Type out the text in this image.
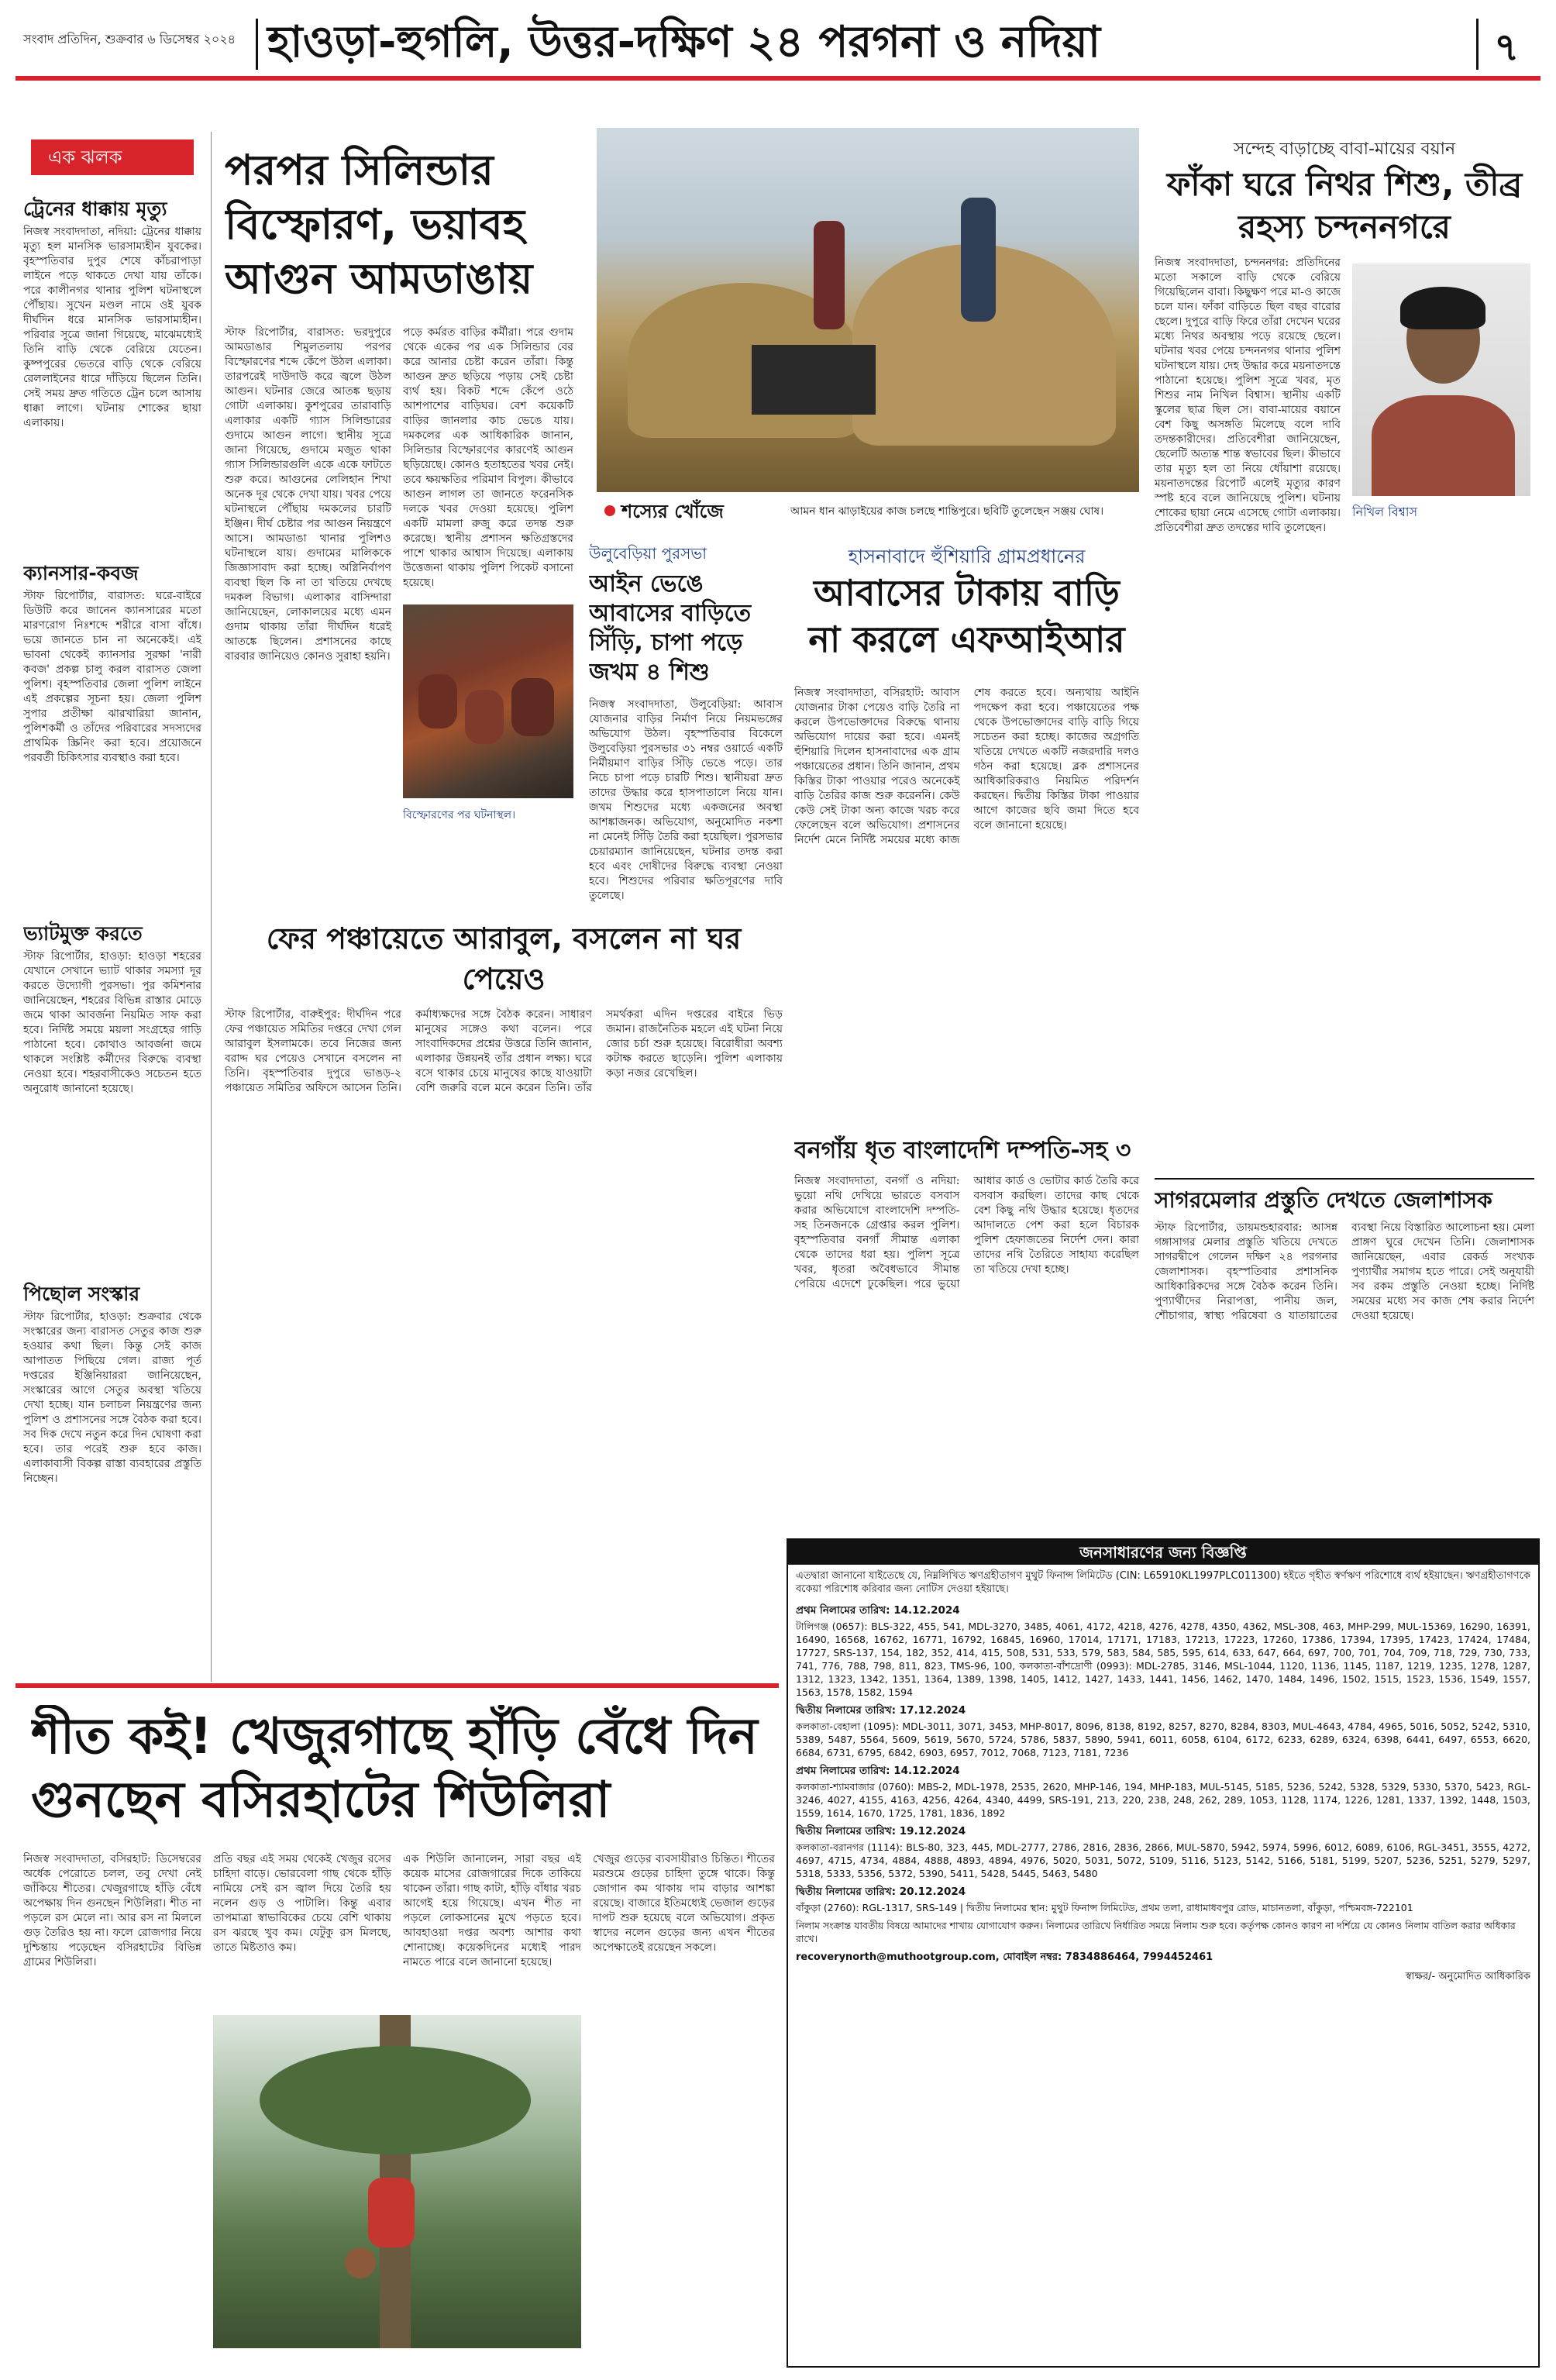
সংবাদ প্রতিদিন, শুক্রবার ৬ ডিসেম্বর ২০২৪ হাওড়া-হুগলি, উত্তর-দক্ষিণ ২৪ পরগনা ও নদিয়া	৭
এক ঝলক
ট্রেনের ধাক্কায় মৃত্যু
নিজস্ব সংবাদদাতা, নদিয়া: ট্রেনের ধাক্কায় মৃত্যু হল মানসিক ভারসাম্যহীন যুবকের। বৃহস্পতিবার দুপুর শেষে কাঁচরাপাড়া লাইনে পড়ে থাকতে দেখা যায় তাঁকে। পরে কালীনগর থানার পুলিশ ঘটনাস্থলে পৌঁছায়। সুখেন মণ্ডল নামে ওই যুবক দীর্ঘদিন ধরে মানসিক ভারসাম্যহীন। পরিবার সূত্রে জানা গিয়েছে, মাঝেমধ্যেই তিনি বাড়ি থেকে বেরিয়ে যেতেন। কুষ্পপুরের ভেতরে বাড়ি থেকে বেরিয়ে রেললাইনের ধারে দাঁড়িয়ে ছিলেন তিনি। সেই সময় দ্রুত গতিতে ট্রেন চলে আসায় ধাক্কা লাগে। ঘটনায় শোকের ছায়া এলাকায়।
ক্যানসার-কবজ
স্টাফ রিপোর্টার, বারাসত: ঘরে-বাইরে ডিউটি করে জানেন ক্যানসারের মতো মারণরোগ নিঃশব্দে শরীরে বাসা বাঁধে। ভয়ে জানতে চান না অনেকেই। এই ভাবনা থেকেই ক্যানসার সুরক্ষা 'নারী কবজ' প্রকল্প চালু করল বারাসত জেলা পুলিশ। বৃহস্পতিবার জেলা পুলিশ লাইনে এই প্রকল্পের সূচনা হয়। জেলা পুলিশ সুপার প্রতীক্ষা ঝারখারিয়া জানান, পুলিশকর্মী ও তাঁদের পরিবারের সদস্যদের প্রাথমিক স্ক্রিনিং করা হবে। প্রয়োজনে পরবর্তী চিকিৎসার ব্যবস্থাও করা হবে।
ভ্যাটমুক্ত করতে
স্টাফ রিপোর্টার, হাওড়া: হাওড়া শহরের যেখানে সেখানে ভ্যাট থাকার সমস্যা দূর করতে উদ্যোগী পুরসভা। পুর কমিশনার জানিয়েছেন, শহরের বিভিন্ন রাস্তার মোড়ে জমে থাকা আবর্জনা নিয়মিত সাফ করা হবে। নির্দিষ্ট সময়ে ময়লা সংগ্রহের গাড়ি পাঠানো হবে। কোথাও আবর্জনা জমে থাকলে সংশ্লিষ্ট কর্মীদের বিরুদ্ধে ব্যবস্থা নেওয়া হবে। শহরবাসীকেও সচেতন হতে অনুরোধ জানানো হয়েছে।
পিছোল সংস্কার
স্টাফ রিপোর্টার, হাওড়া: শুক্রবার থেকে সংস্কারের জন্য বারাসত সেতুর কাজ শুরু হওয়ার কথা ছিল। কিন্তু সেই কাজ আপাতত পিছিয়ে গেল। রাজ্য পূর্ত দপ্তরের ইঞ্জিনিয়াররা জানিয়েছেন, সংস্কারের আগে সেতুর অবস্থা খতিয়ে দেখা হচ্ছে। যান চলাচল নিয়ন্ত্রণের জন্য পুলিশ ও প্রশাসনের সঙ্গে বৈঠক করা হবে। সব দিক দেখে নতুন করে দিন ঘোষণা করা হবে। তার পরেই শুরু হবে কাজ। এলাকাবাসী বিকল্প রাস্তা ব্যবহারের প্রস্তুতি নিচ্ছেন।
পরপর সিলিন্ডার বিস্ফোরণ, ভয়াবহ আগুন আমডাঙায়
স্টাফ রিপোর্টার, বারাসত: ভরদুপুরে আমডাঙার শিমুলতলায় পরপর বিস্ফোরণের শব্দে কেঁপে উঠল এলাকা। তারপরেই দাউদাউ করে জ্বলে উঠল আগুন। ঘটনার জেরে আতঙ্ক ছড়ায় গোটা এলাকায়। কুশপুরের তারাবাড়ি এলাকার একটি গ্যাস সিলিন্ডারের গুদামে আগুন লাগে। স্থানীয় সূত্রে জানা গিয়েছে, গুদামে মজুত থাকা গ্যাস সিলিন্ডারগুলি একে একে ফাটতে শুরু করে। আগুনের লেলিহান শিখা অনেক দূর থেকে দেখা যায়। খবর পেয়ে ঘটনাস্থলে পৌঁছায় দমকলের চারটি ইঞ্জিন। দীর্ঘ চেষ্টার পর আগুন নিয়ন্ত্রণে আসে। আমডাঙা থানার পুলিশও ঘটনাস্থলে যায়। গুদামের মালিককে জিজ্ঞাসাবাদ করা হচ্ছে। অগ্নিনির্বাপণ ব্যবস্থা ছিল কি না তা খতিয়ে দেখছে দমকল বিভাগ। এলাকার বাসিন্দারা জানিয়েছেন, লোকালয়ের মধ্যে এমন গুদাম থাকায় তাঁরা দীর্ঘদিন ধরেই আতঙ্কে ছিলেন। প্রশাসনের কাছে বারবার জানিয়েও কোনও সুরাহা হয়নি।
পড়ে কর্মরত বাড়ির কর্মীরা। পরে গুদাম থেকে একের পর এক সিলিন্ডার বের করে আনার চেষ্টা করেন তাঁরা। কিন্তু আগুন দ্রুত ছড়িয়ে পড়ায় সেই চেষ্টা ব্যর্থ হয়। বিকট শব্দে কেঁপে ওঠে আশপাশের বাড়িঘর। বেশ কয়েকটি বাড়ির জানলার কাচ ভেঙে যায়। দমকলের এক আধিকারিক জানান, সিলিন্ডার বিস্ফোরণের কারণেই আগুন ছড়িয়েছে। কোনও হতাহতের খবর নেই। তবে ক্ষয়ক্ষতির পরিমাণ বিপুল। কীভাবে আগুন লাগল তা জানতে ফরেনসিক দলকে খবর দেওয়া হয়েছে। পুলিশ একটি মামলা রুজু করে তদন্ত শুরু করেছে। স্থানীয় প্রশাসন ক্ষতিগ্রস্তদের পাশে থাকার আশ্বাস দিয়েছে। এলাকায় উত্তেজনা থাকায় পুলিশ পিকেট বসানো হয়েছে।
বিস্ফোরণের পর ঘটনাস্থল।
শস্যের খোঁজে	আমন ধান ঝাড়াইয়ের কাজ চলছে শান্তিপুরে। ছবিটি তুলেছেন সঞ্জয় ঘোষ।
উলুবেড়িয়া পুরসভা
আইন ভেঙে আবাসের বাড়িতে সিঁড়ি, চাপা পড়ে জখম ৪ শিশু
নিজস্ব সংবাদদাতা, উলুবেড়িয়া: আবাস যোজনার বাড়ির নির্মাণ নিয়ে নিয়মভঙ্গের অভিযোগ উঠল। বৃহস্পতিবার বিকেলে উলুবেড়িয়া পুরসভার ৩১ নম্বর ওয়ার্ডে একটি নির্মীয়মাণ বাড়ির সিঁড়ি ভেঙে পড়ে। তার নিচে চাপা পড়ে চারটি শিশু। স্থানীয়রা দ্রুত তাদের উদ্ধার করে হাসপাতালে নিয়ে যান। জখম শিশুদের মধ্যে একজনের অবস্থা আশঙ্কাজনক। অভিযোগ, অনুমোদিত নকশা না মেনেই সিঁড়ি তৈরি করা হয়েছিল। পুরসভার চেয়ারম্যান জানিয়েছেন, ঘটনার তদন্ত করা হবে এবং দোষীদের বিরুদ্ধে ব্যবস্থা নেওয়া হবে। শিশুদের পরিবার ক্ষতিপূরণের দাবি তুলেছে।
সন্দেহ বাড়াচ্ছে বাবা-মায়ের বয়ান
ফাঁকা ঘরে নিথর শিশু, তীব্র রহস্য চন্দননগরে
নিজস্ব সংবাদদাতা, চন্দননগর: প্রতিদিনের মতো সকালে বাড়ি থেকে বেরিয়ে গিয়েছিলেন বাবা। কিছুক্ষণ পরে মা-ও কাজে চলে যান। ফাঁকা বাড়িতে ছিল বছর বারোর ছেলে। দুপুরে বাড়ি ফিরে তাঁরা দেখেন ঘরের মধ্যে নিথর অবস্থায় পড়ে রয়েছে ছেলে। ঘটনার খবর পেয়ে চন্দননগর থানার পুলিশ ঘটনাস্থলে যায়। দেহ উদ্ধার করে ময়নাতদন্তে পাঠানো হয়েছে। পুলিশ সূত্রে খবর, মৃত শিশুর নাম নিখিল বিশ্বাস। স্থানীয় একটি স্কুলের ছাত্র ছিল সে। বাবা-মায়ের বয়ানে বেশ কিছু অসঙ্গতি মিলেছে বলে দাবি তদন্তকারীদের। প্রতিবেশীরা জানিয়েছেন, ছেলেটি অত্যন্ত শান্ত স্বভাবের ছিল। কীভাবে তার মৃত্যু হল তা নিয়ে ধোঁয়াশা রয়েছে। ময়নাতদন্তের রিপোর্ট এলেই মৃত্যুর কারণ স্পষ্ট হবে বলে জানিয়েছে পুলিশ। ঘটনায় শোকের ছায়া নেমে এসেছে গোটা এলাকায়। প্রতিবেশীরা দ্রুত তদন্তের দাবি তুলেছেন।
নিখিল বিশ্বাস
হাসনাবাদে হুঁশিয়ারি গ্রামপ্রধানের
আবাসের টাকায় বাড়ি না করলে এফআইআর
নিজস্ব সংবাদদাতা, বসিরহাট: আবাস যোজনার টাকা পেয়েও বাড়ি তৈরি না করলে উপভোক্তাদের বিরুদ্ধে থানায় অভিযোগ দায়ের করা হবে। এমনই হুঁশিয়ারি দিলেন হাসনাবাদের এক গ্রাম পঞ্চায়েতের প্রধান। তিনি জানান, প্রথম কিস্তির টাকা পাওয়ার পরেও অনেকেই বাড়ি তৈরির কাজ শুরু করেননি। কেউ কেউ সেই টাকা অন্য কাজে খরচ করে ফেলেছেন বলে অভিযোগ। প্রশাসনের নির্দেশ মেনে নির্দিষ্ট সময়ের মধ্যে কাজ শেষ করতে হবে। অন্যথায় আইনি পদক্ষেপ করা হবে। পঞ্চায়েতের পক্ষ থেকে উপভোক্তাদের বাড়ি বাড়ি গিয়ে সচেতন করা হচ্ছে। কাজের অগ্রগতি খতিয়ে দেখতে একটি নজরদারি দলও গঠন করা হয়েছে। ব্লক প্রশাসনের আধিকারিকরাও নিয়মিত পরিদর্শন করছেন। দ্বিতীয় কিস্তির টাকা পাওয়ার আগে কাজের ছবি জমা দিতে হবে বলে জানানো হয়েছে।
ফের পঞ্চায়েতে আরাবুল, বসলেন না ঘর পেয়েও
স্টাফ রিপোর্টার, বারুইপুর: দীর্ঘদিন পরে ফের পঞ্চায়েত সমিতির দপ্তরে দেখা গেল আরাবুল ইসলামকে। তবে নিজের জন্য বরাদ্দ ঘর পেয়েও সেখানে বসলেন না তিনি। বৃহস্পতিবার দুপুরে ভাঙড়-২ পঞ্চায়েত সমিতির অফিসে আসেন তিনি। কর্মাধ্যক্ষদের সঙ্গে বৈঠক করেন। সাধারণ মানুষের সঙ্গেও কথা বলেন। পরে সাংবাদিকদের প্রশ্নের উত্তরে তিনি জানান, এলাকার উন্নয়নই তাঁর প্রধান লক্ষ্য। ঘরে বসে থাকার চেয়ে মানুষের কাছে যাওয়াটা বেশি জরুরি বলে মনে করেন তিনি। তাঁর সমর্থকরা এদিন দপ্তরের বাইরে ভিড় জমান। রাজনৈতিক মহলে এই ঘটনা নিয়ে জোর চর্চা শুরু হয়েছে। বিরোধীরা অবশ্য কটাক্ষ করতে ছাড়েনি। পুলিশ এলাকায় কড়া নজর রেখেছিল।
বনগাঁয় ধৃত বাংলাদেশি দম্পতি-সহ ৩
নিজস্ব সংবাদদাতা, বনগাঁ ও নদিয়া: ভুয়ো নথি দেখিয়ে ভারতে বসবাস করার অভিযোগে বাংলাদেশি দম্পতি-সহ তিনজনকে গ্রেপ্তার করল পুলিশ। বৃহস্পতিবার বনগাঁ সীমান্ত এলাকা থেকে তাদের ধরা হয়। পুলিশ সূত্রে খবর, ধৃতরা অবৈধভাবে সীমান্ত পেরিয়ে এদেশে ঢুকেছিল। পরে ভুয়ো আধার কার্ড ও ভোটার কার্ড তৈরি করে বসবাস করছিল। তাদের কাছ থেকে বেশ কিছু নথি উদ্ধার হয়েছে। ধৃতদের আদালতে পেশ করা হলে বিচারক পুলিশ হেফাজতের নির্দেশ দেন। কারা তাদের নথি তৈরিতে সাহায্য করেছিল তা খতিয়ে দেখা হচ্ছে।
সাগরমেলার প্রস্তুতি দেখতে জেলাশাসক
স্টাফ রিপোর্টার, ডায়মন্ডহারবার: আসন্ন গঙ্গাসাগর মেলার প্রস্তুতি খতিয়ে দেখতে সাগরদ্বীপে গেলেন দক্ষিণ ২৪ পরগনার জেলাশাসক। বৃহস্পতিবার প্রশাসনিক আধিকারিকদের সঙ্গে বৈঠক করেন তিনি। পুণ্যার্থীদের নিরাপত্তা, পানীয় জল, শৌচাগার, স্বাস্থ্য পরিষেবা ও যাতায়াতের ব্যবস্থা নিয়ে বিস্তারিত আলোচনা হয়। মেলা প্রাঙ্গণ ঘুরে দেখেন তিনি। জেলাশাসক জানিয়েছেন, এবার রেকর্ড সংখ্যক পুণ্যার্থীর সমাগম হতে পারে। সেই অনুযায়ী সব রকম প্রস্তুতি নেওয়া হচ্ছে। নির্দিষ্ট সময়ের মধ্যে সব কাজ শেষ করার নির্দেশ দেওয়া হয়েছে।
শীত কই! খেজুরগাছে হাঁড়ি বেঁধে দিন গুনছেন বসিরহাটের শিউলিরা
নিজস্ব সংবাদদাতা, বসিরহাট: ডিসেম্বরের অর্ধেক পেরোতে চলল, তবু দেখা নেই জাঁকিয়ে শীতের। খেজুরগাছে হাঁড়ি বেঁধে অপেক্ষায় দিন গুনছেন শিউলিরা। শীত না পড়লে রস মেলে না। আর রস না মিললে গুড় তৈরিও হয় না। ফলে রোজগার নিয়ে দুশ্চিন্তায় পড়েছেন বসিরহাটের বিভিন্ন গ্রামের শিউলিরা।
প্রতি বছর এই সময় থেকেই খেজুর রসের চাহিদা বাড়ে। ভোরবেলা গাছ থেকে হাঁড়ি নামিয়ে সেই রস জ্বাল দিয়ে তৈরি হয় নলেন গুড় ও পাটালি। কিন্তু এবার তাপমাত্রা স্বাভাবিকের চেয়ে বেশি থাকায় রস ঝরছে খুব কম। যেটুকু রস মিলছে, তাতে মিষ্টতাও কম।
এক শিউলি জানালেন, সারা বছর এই কয়েক মাসের রোজগারের দিকে তাকিয়ে থাকেন তাঁরা। গাছ কাটা, হাঁড়ি বাঁধার খরচ আগেই হয়ে গিয়েছে। এখন শীত না পড়লে লোকসানের মুখে পড়তে হবে। আবহাওয়া দপ্তর অবশ্য আশার কথা শোনাচ্ছে। কয়েকদিনের মধ্যেই পারদ নামতে পারে বলে জানানো হয়েছে।
খেজুর গুড়ের ব্যবসায়ীরাও চিন্তিত। শীতের মরশুমে গুড়ের চাহিদা তুঙ্গে থাকে। কিন্তু জোগান কম থাকায় দাম বাড়ার আশঙ্কা রয়েছে। বাজারে ইতিমধ্যেই ভেজাল গুড়ের দাপট শুরু হয়েছে বলে অভিযোগ। প্রকৃত স্বাদের নলেন গুড়ের জন্য এখন শীতের অপেক্ষাতেই রয়েছেন সকলে।
জনসাধারণের জন্য বিজ্ঞপ্তি
এতদ্বারা জানানো যাইতেছে যে, নিম্নলিখিত ঋণগ্রহীতাগণ মুথুট ফিনান্স লিমিটেড (CIN: L65910KL1997PLC011300) হইতে গৃহীত স্বর্ণঋণ পরিশোধে ব্যর্থ হইয়াছেন। ঋণগ্রহীতাগণকে বকেয়া পরিশোধ করিবার জন্য নোটিস দেওয়া হইয়াছে।
প্রথম নিলামের তারিখ: 14.12.2024
টালিগঞ্জ (0657): BLS-322, 455, 541, MDL-3270, 3485, 4061, 4172, 4218, 4276, 4278, 4350, 4362, MSL-308, 463, MHP-299, MUL-15369, 16290, 16391, 16490, 16568, 16762, 16771, 16792, 16845, 16960, 17014, 17171, 17183, 17213, 17223, 17260, 17386, 17394, 17395, 17423, 17424, 17484, 17727, SRS-137, 154, 182, 352, 414, 415, 508, 531, 533, 579, 583, 584, 585, 595, 614, 633, 647, 664, 697, 700, 701, 704, 709, 718, 729, 730, 733, 741, 776, 788, 798, 811, 823, TMS-96, 100, কলকাতা-বাঁশদ্রোণী (0993): MDL-2785, 3146, MSL-1044, 1120, 1136, 1145, 1187, 1219, 1235, 1278, 1287, 1312, 1323, 1342, 1351, 1364, 1389, 1398, 1405, 1412, 1427, 1433, 1441, 1456, 1462, 1470, 1484, 1496, 1502, 1515, 1523, 1536, 1549, 1557, 1563, 1578, 1582, 1594
দ্বিতীয় নিলামের তারিখ: 17.12.2024
কলকাতা-বেহালা (1095): MDL-3011, 3071, 3453, MHP-8017, 8096, 8138, 8192, 8257, 8270, 8284, 8303, MUL-4643, 4784, 4965, 5016, 5052, 5242, 5310, 5389, 5487, 5564, 5609, 5619, 5670, 5724, 5786, 5837, 5890, 5941, 6011, 6058, 6104, 6172, 6233, 6289, 6324, 6398, 6441, 6497, 6553, 6620, 6684, 6731, 6795, 6842, 6903, 6957, 7012, 7068, 7123, 7181, 7236
প্রথম নিলামের তারিখ: 14.12.2024
কলকাতা-শ্যামবাজার (0760): MBS-2, MDL-1978, 2535, 2620, MHP-146, 194, MHP-183, MUL-5145, 5185, 5236, 5242, 5328, 5329, 5330, 5370, 5423, RGL-3246, 4027, 4155, 4163, 4256, 4264, 4340, 4499, SRS-191, 213, 220, 238, 248, 262, 289, 1053, 1128, 1174, 1226, 1281, 1337, 1392, 1448, 1503, 1559, 1614, 1670, 1725, 1781, 1836, 1892
দ্বিতীয় নিলামের তারিখ: 19.12.2024
কলকাতা-বরানগর (1114): BLS-80, 323, 445, MDL-2777, 2786, 2816, 2836, 2866, MUL-5870, 5942, 5974, 5996, 6012, 6089, 6106, RGL-3451, 3555, 4272, 4697, 4715, 4734, 4884, 4888, 4893, 4894, 4976, 5020, 5031, 5072, 5109, 5116, 5123, 5142, 5166, 5181, 5199, 5207, 5236, 5251, 5279, 5297, 5318, 5333, 5356, 5372, 5390, 5411, 5428, 5445, 5463, 5480
দ্বিতীয় নিলামের তারিখ: 20.12.2024
বাঁকুড়া (2760): RGL-1317, SRS-149 | দ্বিতীয় নিলামের স্থান: মুথুট ফিনান্স লিমিটেড, প্রথম তলা, রাধামাধবপুর রোড, মাচানতলা, বাঁকুড়া, পশ্চিমবঙ্গ-722101
নিলাম সংক্রান্ত যাবতীয় বিষয়ে আমাদের শাখায় যোগাযোগ করুন। নিলামের তারিখে নির্ধারিত সময়ে নিলাম শুরু হবে। কর্তৃপক্ষ কোনও কারণ না দর্শিয়ে যে কোনও নিলাম বাতিল করার অধিকার রাখে।
recoverynorth@muthootgroup.com, মোবাইল নম্বর: 7834886464, 7994452461
স্বাক্ষর/- অনুমোদিত আধিকারিক
